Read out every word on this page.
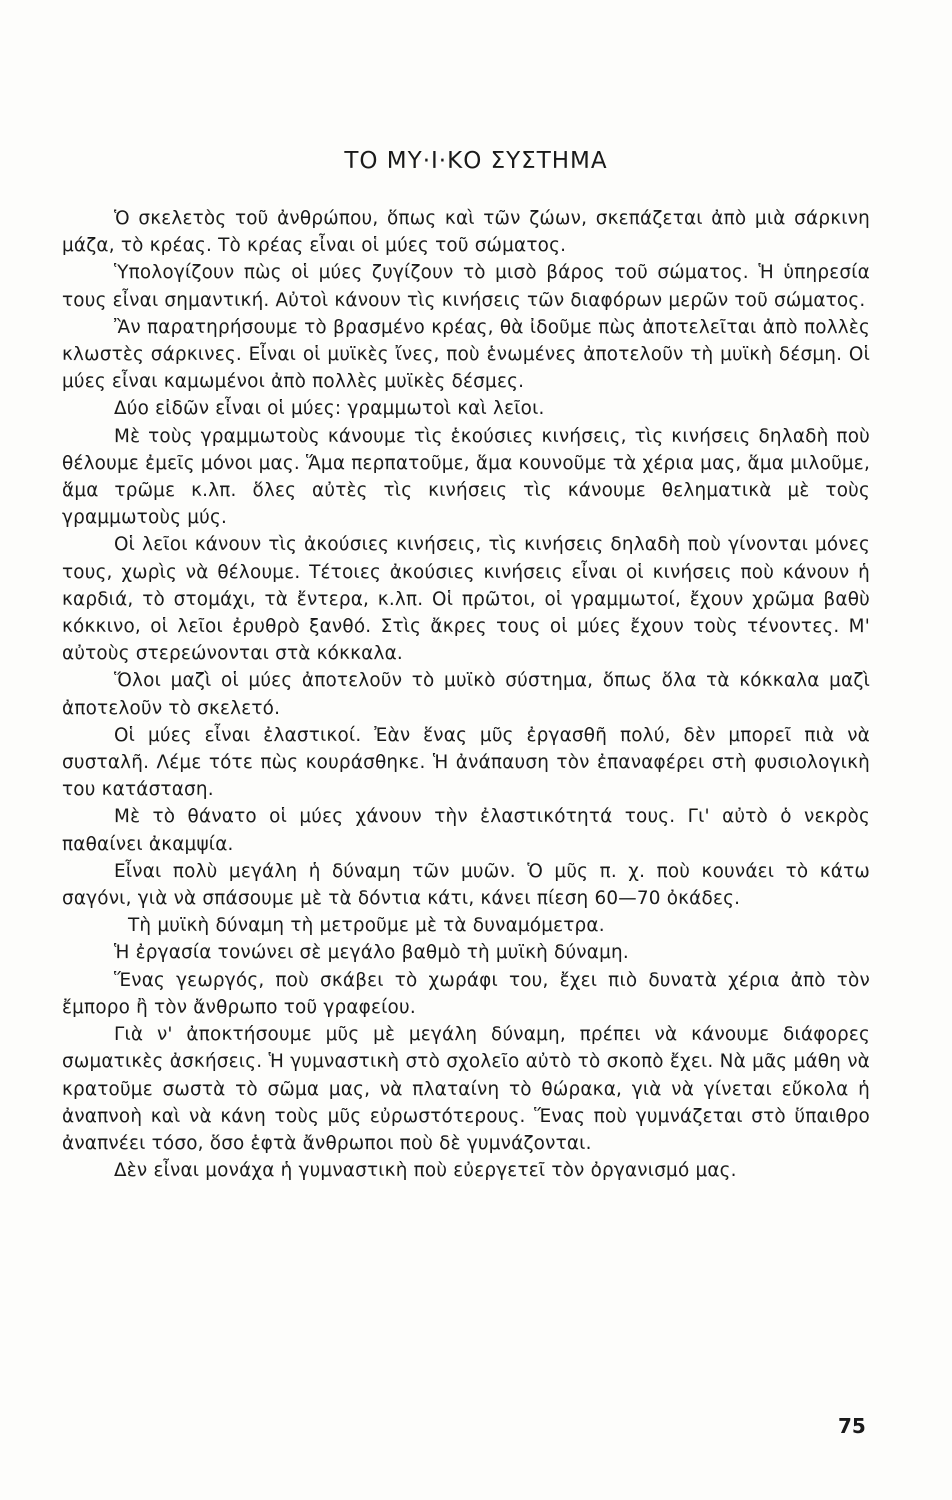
ΤΟ ΜΥ·Ι·ΚΟ ΣΥΣΤΗΜΑ

Ὁ σκελετὸς τοῦ ἀνθρώπου, ὅπως καὶ τῶν ζώων, σκεπάζεται ἀπὸ μιὰ σάρκινη μάζα, τὸ κρέας. Τὸ κρέας εἶναι οἱ μύες τοῦ σώματος.

Ὑπολογίζουν πὼς οἱ μύες ζυγίζουν τὸ μισὸ βάρος τοῦ σώματος. Ἡ ὑπηρεσία τους εἶναι σημαντική. Αὐτοὶ κάνουν τὶς κινήσεις τῶν διαφόρων μερῶν τοῦ σώματος.

Ἂν παρατηρήσουμε τὸ βρασμένο κρέας, θὰ ἰδοῦμε πὼς ἀποτελεῖται ἀπὸ πολλὲς κλωστὲς σάρκινες. Εἶναι οἱ μυϊκὲς ἴνες, ποὺ ἑνωμένες ἀποτελοῦν τὴ μυϊκὴ δέσμη. Οἱ μύες εἶναι καμωμένοι ἀπὸ πολλὲς μυϊκὲς δέσμες.

Δύο εἰδῶν εἶναι οἱ μύες: γραμμωτοὶ καὶ λεῖοι.

Μὲ τοὺς γραμμωτοὺς κάνουμε τὶς ἑκούσιες κινήσεις, τὶς κινήσεις δηλαδὴ ποὺ θέλουμε ἐμεῖς μόνοι μας. Ἅμα περπατοῦμε, ἅμα κουνοῦμε τὰ χέρια μας, ἅμα μιλοῦμε, ἅμα τρῶμε κ.λπ. ὅλες αὐτὲς τὶς κινήσεις τὶς κάνουμε θεληματικὰ μὲ τοὺς γραμμωτοὺς μύς.

Οἱ λεῖοι κάνουν τὶς ἀκούσιες κινήσεις, τὶς κινήσεις δηλαδὴ ποὺ γίνονται μόνες τους, χωρὶς νὰ θέλουμε. Τέτοιες ἀκούσιες κινήσεις εἶναι οἱ κινήσεις ποὺ κάνουν ἡ καρδιά, τὸ στομάχι, τὰ ἔντερα, κ.λπ. Οἱ πρῶτοι, οἱ γραμμωτοί, ἔχουν χρῶμα βαθὺ κόκκινο, οἱ λεῖοι ἐρυθρὸ ξανθό. Στὶς ἄκρες τους οἱ μύες ἔχουν τοὺς τένοντες. Μ' αὐτοὺς στερεώνονται στὰ κόκκαλα.

Ὅλοι μαζὶ οἱ μύες ἀποτελοῦν τὸ μυϊκὸ σύστημα, ὅπως ὅλα τὰ κόκκαλα μαζὶ ἀποτελοῦν τὸ σκελετό.

Οἱ μύες εἶναι ἐλαστικοί. Ἐὰν ἕνας μῦς ἐργασθῆ πολύ, δὲν μπορεῖ πιὰ νὰ συσταλῆ. Λέμε τότε πὼς κουράσθηκε. Ἡ ἀνάπαυση τὸν ἐπαναφέρει στὴ φυσιολογικὴ του κατάσταση.

Μὲ τὸ θάνατο οἱ μύες χάνουν τὴν ἐλαστικότητά τους. Γι' αὐτὸ ὁ νεκρὸς παθαίνει ἀκαμψία.

Εἶναι πολὺ μεγάλη ἡ δύναμη τῶν μυῶν. Ὁ μῦς π. χ. ποὺ κουνάει τὸ κάτω σαγόνι, γιὰ νὰ σπάσουμε μὲ τὰ δόντια κάτι, κάνει πίεση 60—70 ὀκάδες.

Τὴ μυϊκὴ δύναμη τὴ μετροῦμε μὲ τὰ δυναμόμετρα.

Ἡ ἐργασία τονώνει σὲ μεγάλο βαθμὸ τὴ μυϊκὴ δύναμη.

Ἕνας γεωργός, ποὺ σκάβει τὸ χωράφι του, ἔχει πιὸ δυνατὰ χέρια ἀπὸ τὸν ἔμπορο ἢ τὸν ἄνθρωπο τοῦ γραφείου.

Γιὰ ν' ἀποκτήσουμε μῦς μὲ μεγάλη δύναμη, πρέπει νὰ κάνουμε διάφορες σωματικὲς ἀσκήσεις. Ἡ γυμναστικὴ στὸ σχολεῖο αὐτὸ τὸ σκοπὸ ἔχει. Νὰ μᾶς μάθη νὰ κρατοῦμε σωστὰ τὸ σῶμα μας, νὰ πλαταίνη τὸ θώρακα, γιὰ νὰ γίνεται εὔκολα ἡ ἀναπνοὴ καὶ νὰ κάνη τοὺς μῦς εὐρωστότερους. Ἕνας ποὺ γυμνάζεται στὸ ὕπαιθρο ἀναπνέει τόσο, ὅσο ἑφτὰ ἄνθρωποι ποὺ δὲ γυμνάζονται.

Δὲν εἶναι μονάχα ἡ γυμναστικὴ ποὺ εὐεργετεῖ τὸν ὀργανισμό μας.

75
